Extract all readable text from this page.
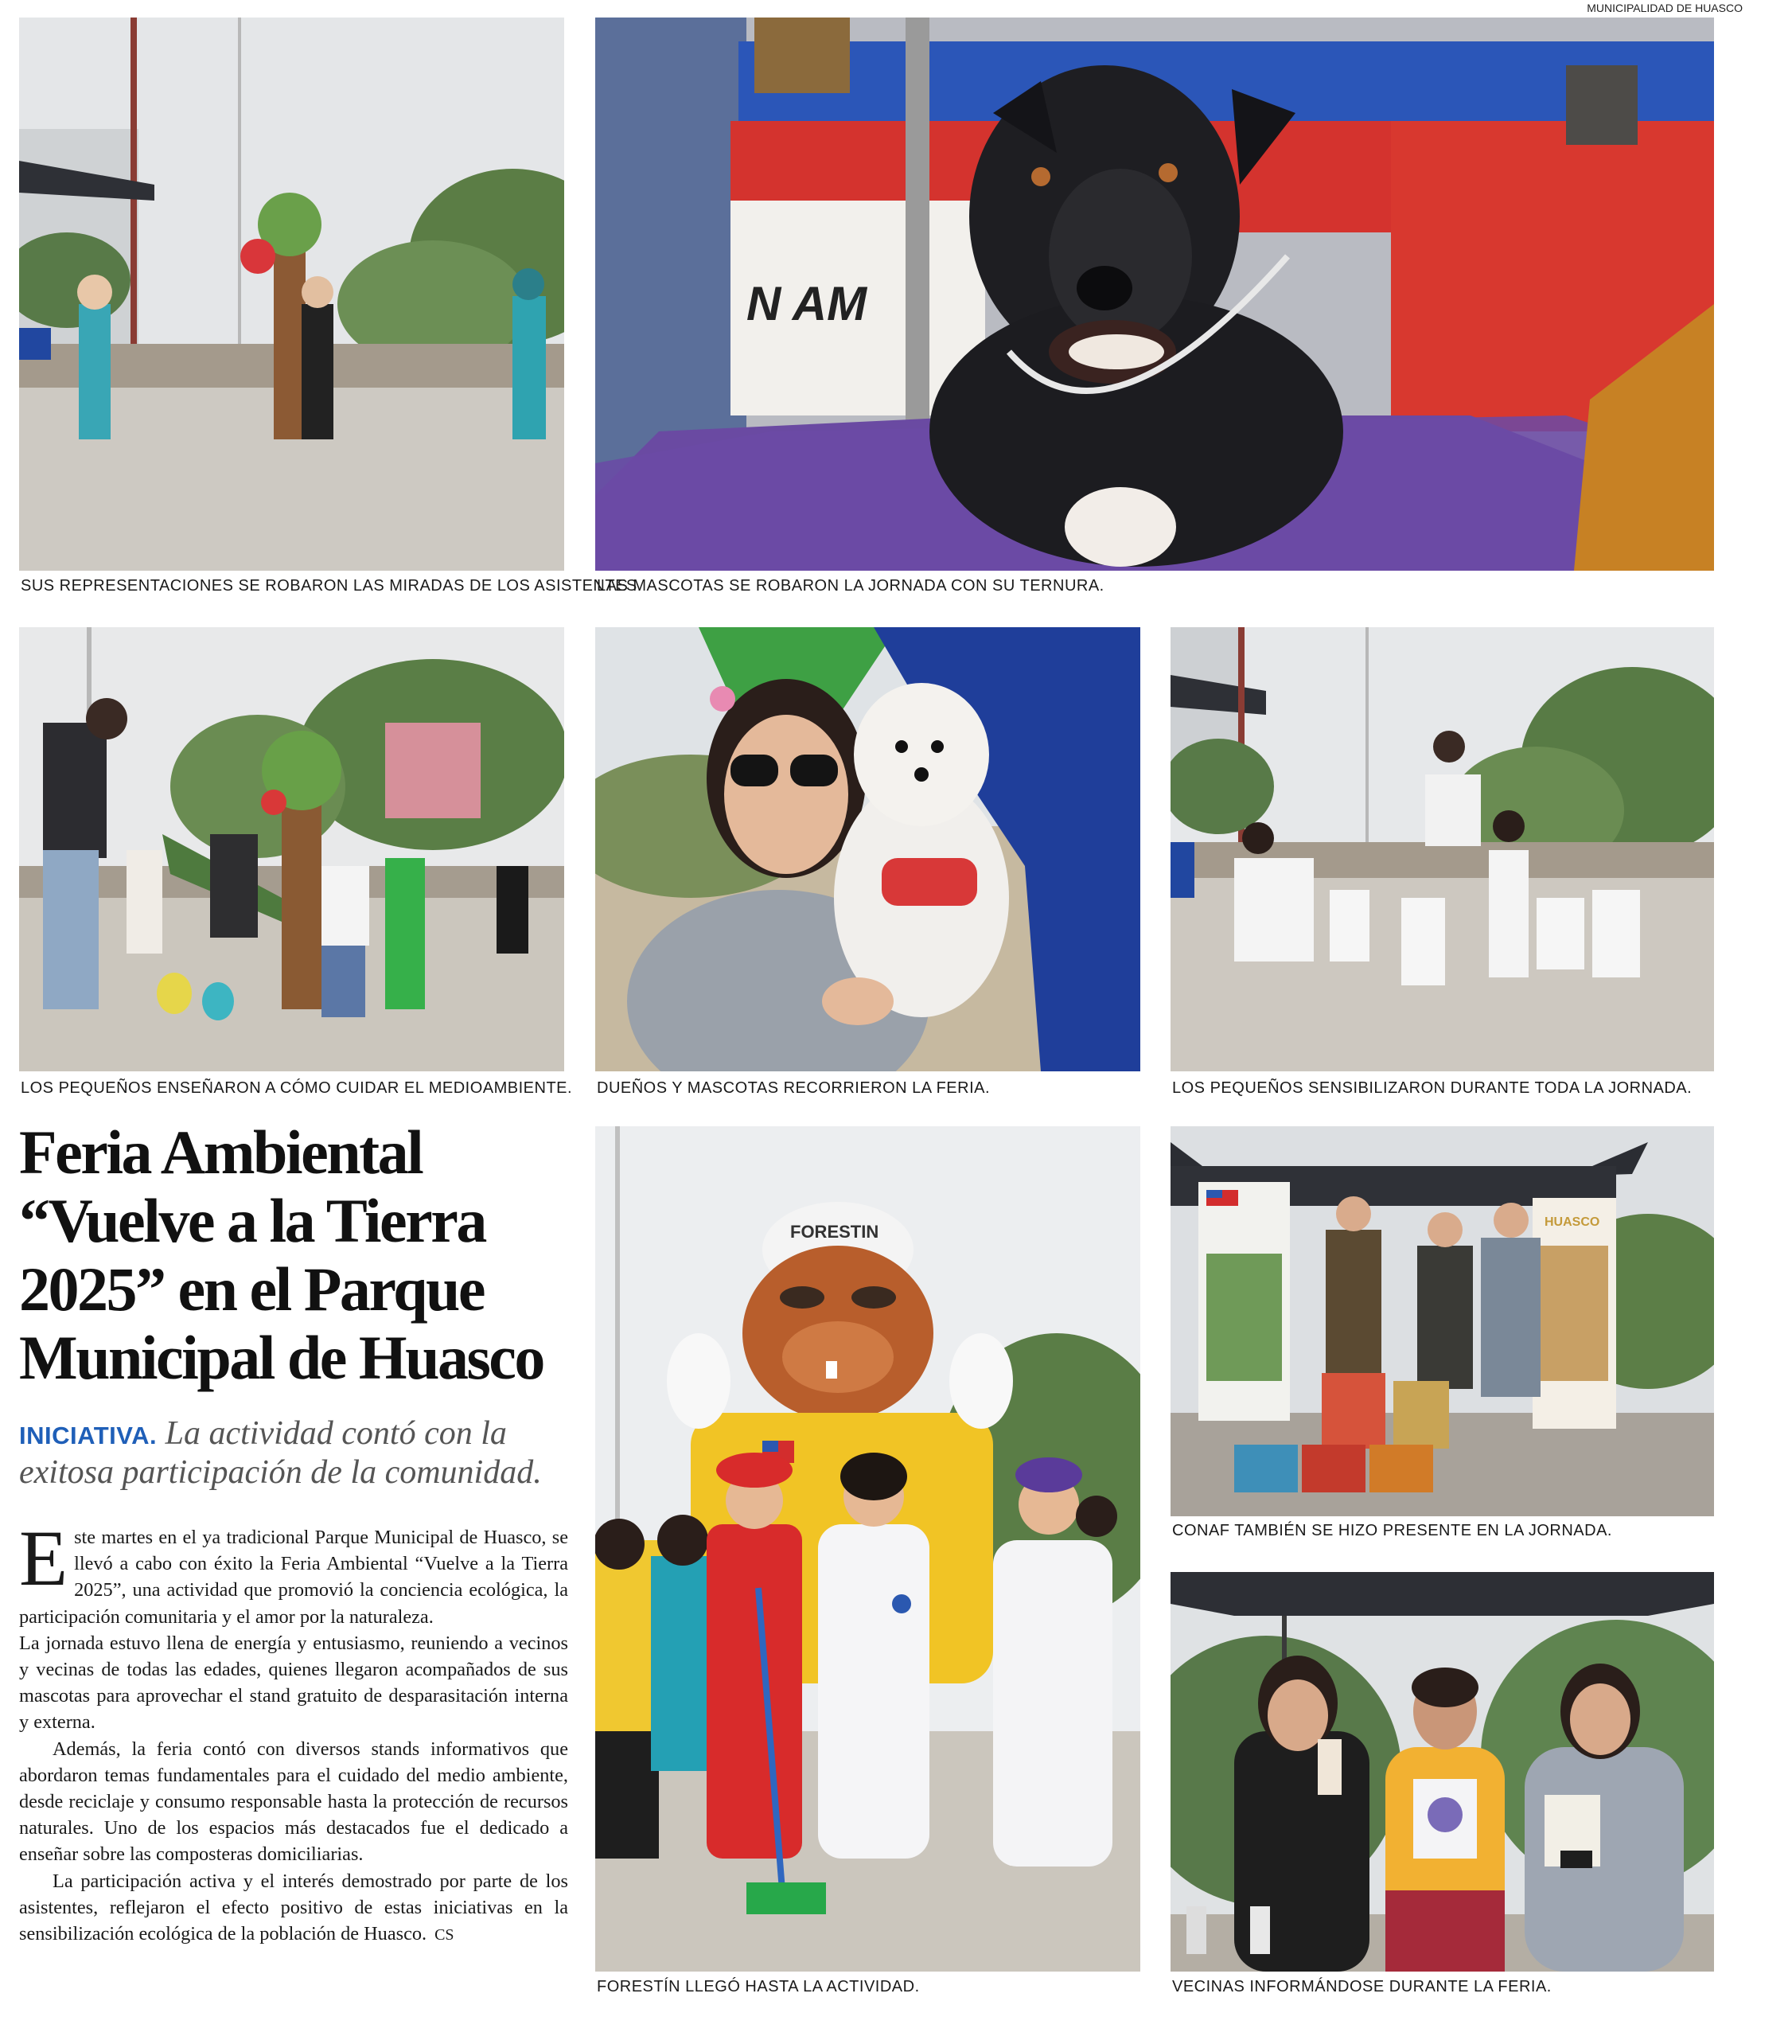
MUNICIPALIDAD DE HUASCO
SUS REPRESENTACIONES SE ROBARON LAS MIRADAS DE LOS ASISTENTES.
N AM
LAS MASCOTAS SE ROBARON LA JORNADA CON SU TERNURA.
LOS PEQUEÑOS ENSEÑARON A CÓMO CUIDAR EL MEDIOAMBIENTE. DUEÑOS Y MASCOTAS RECORRIERON LA FERIA.	LOS PEQUEÑOS SENSIBILIZARON DURANTE TODA LA JORNADA.
Feria Ambiental “Vuelve a la Tierra 2025” en el Parque Municipal de Huasco
INICIATIVA. La actividad contó con la exitosa participación de la comunidad.

Este martes en el ya tradicional Parque Municipal de Huasco, se llevó a cabo con éxito la Feria Ambiental “Vuelve a la Tierra 2025”, una actividad que promovió la conciencia ecológica, la participación comunitaria y el amor por la naturaleza.

La jornada estuvo llena de energía y entusiasmo, reuniendo a vecinos y vecinas de todas las edades, quienes llegaron acompañados de sus mascotas para aprovechar el stand gratuito de desparasitación interna y externa.

Además, la feria contó con diversos stands informativos que abordaron temas fundamentales para el cuidado del medio ambiente, desde reciclaje y consumo responsable hasta la protección de recursos naturales. Uno de los espacios más destacados fue el dedicado a enseñar sobre las composteras domiciliarias.

La participación activa y el interés demostrado por parte de los asistentes, reflejaron el efecto positivo de estas iniciativas en la sensibilización ecológica de la población de Huasco. CS

FORESTIN
FORESTÍN LLEGÓ HASTA LA ACTIVIDAD.
HUASCO
CONAF TAMBIÉN SE HIZO PRESENTE EN LA JORNADA.
VECINAS INFORMÁNDOSE DURANTE LA FERIA.
